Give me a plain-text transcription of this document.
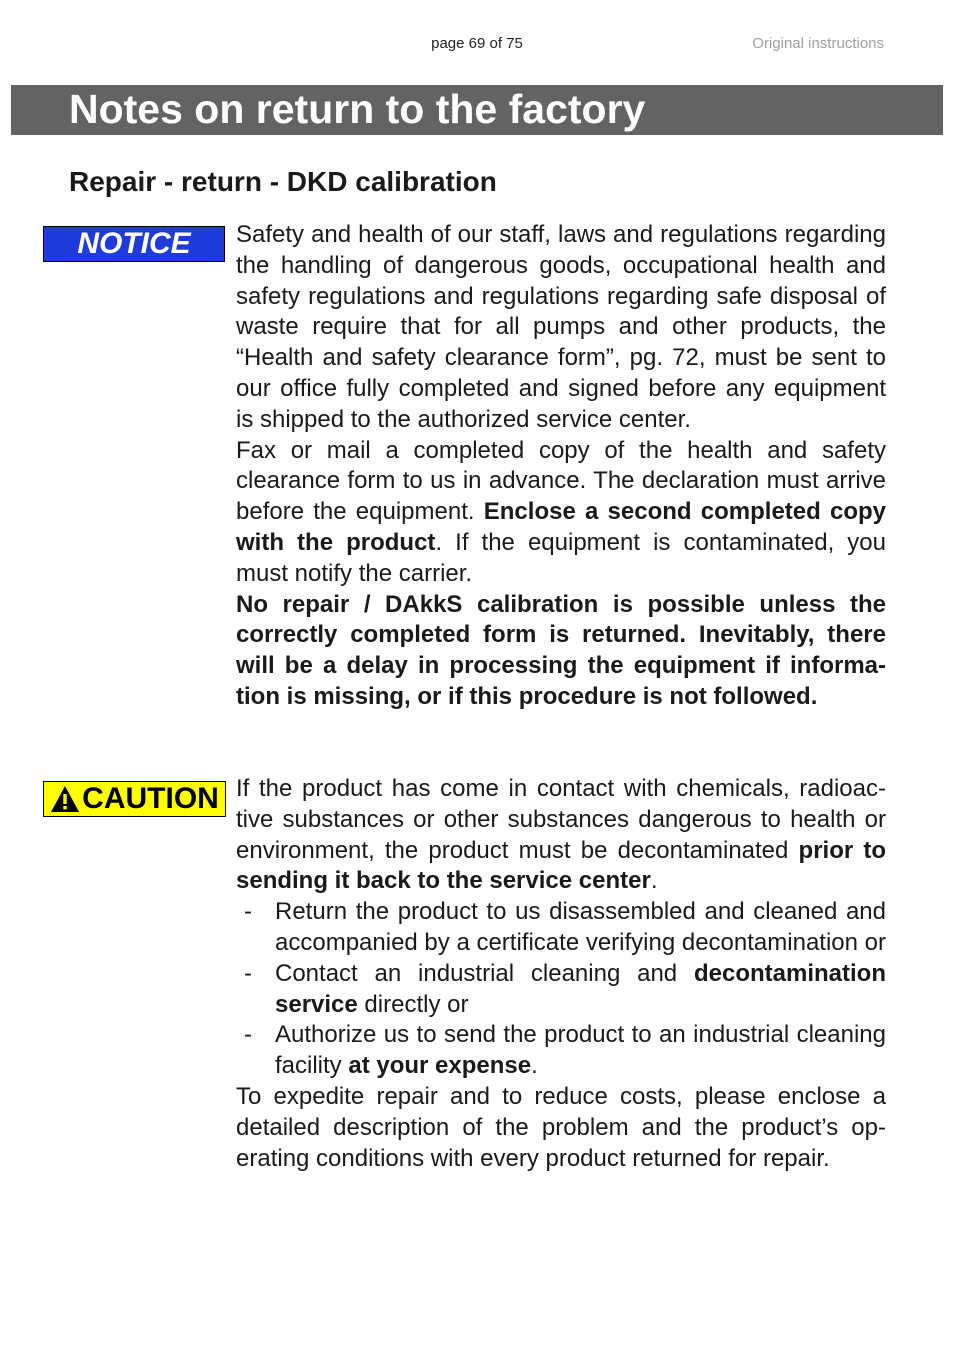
page 69 of 75	Original instructions
Notes on return to the factory
Repair - return - DKD calibration
NOTICE	Safety and health of our staff, laws and regulations regarding the handling of dangerous goods, occupational health and safety regulations and regulations regarding safe disposal of waste require that for all pumps and other products, the “Health and safety clearance form”, pg. 72, must be sent to our office fully completed and signed before any equipment is shipped to the authorized service center.

Fax or mail a completed copy of the health and safety clearance form to us in advance. The declaration must arrive before the equipment. Enclose a second completed copy with the product. If the equipment is contaminated, you must notify the carrier.

No repair / DAkkS calibration is possible unless the correctly completed form is returned. Inevitably, there will be a delay in processing the equipment if information is missing, or if this procedure is not followed.

CAUTION If the product has come in contact with chemicals, radioactive substances or other substances dangerous to health or environment, the product must be decontaminated prior to sending it back to the service center.

- Return the product to us disassembled and cleaned and accompanied by a certificate verifying decontamination or
- Contact an industrial cleaning and decontamination service directly or
- Authorize us to send the product to an industrial cleaning facility at your expense.

To expedite repair and to reduce costs, please enclose a detailed description of the problem and the product’s operating conditions with every product returned for repair.
